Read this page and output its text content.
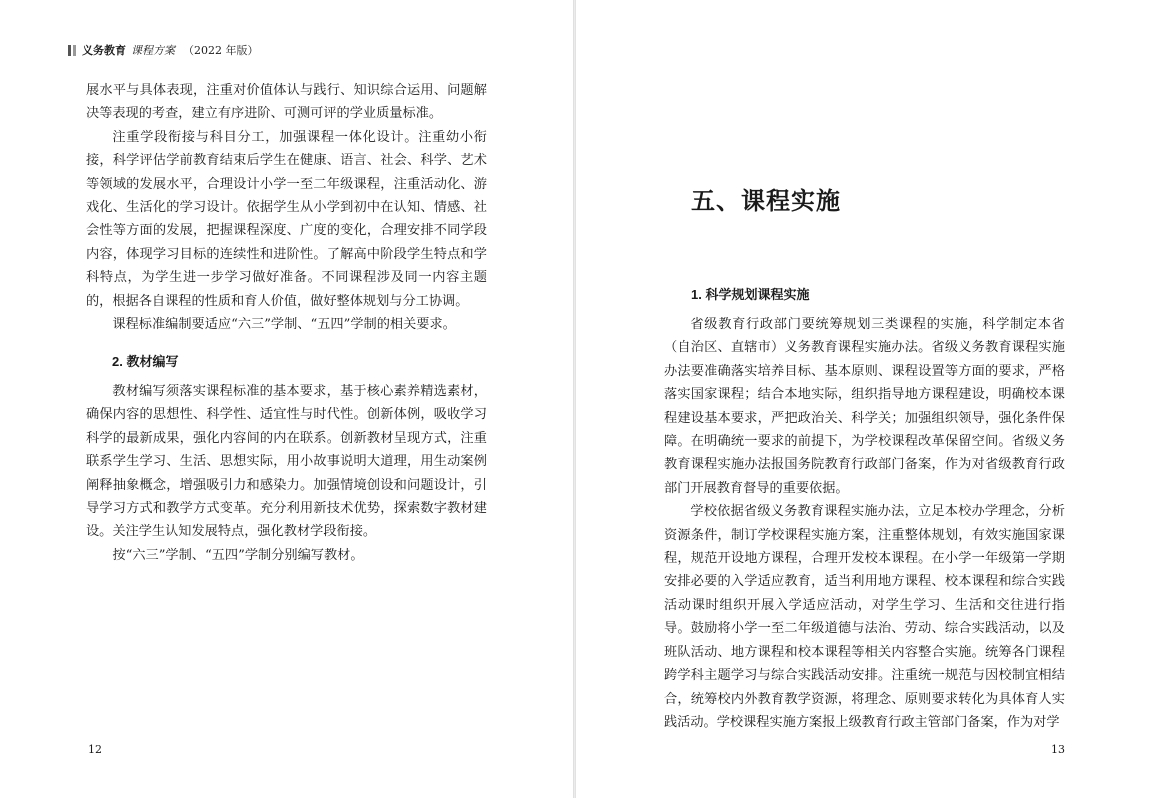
义务教育 课程方案 （2022 年版）

展水平与具体表现，注重对价值体认与践行、知识综合运用、问题解决等表现的考查，建立有序进阶、可测可评的学业质量标准。

注重学段衔接与科目分工，加强课程一体化设计。注重幼小衔接，科学评估学前教育结束后学生在健康、语言、社会、科学、艺术等领域的发展水平，合理设计小学一至二年级课程，注重活动化、游戏化、生活化的学习设计。依据学生从小学到初中在认知、情感、社会性等方面的发展，把握课程深度、广度的变化，合理安排不同学段内容，体现学习目标的连续性和进阶性。了解高中阶段学生特点和学科特点，为学生进一步学习做好准备。不同课程涉及同一内容主题的，根据各自课程的性质和育人价值，做好整体规划与分工协调。

课程标准编制要适应“六三”学制、“五四”学制的相关要求。

2. 教材编写

教材编写须落实课程标准的基本要求，基于核心素养精选素材，确保内容的思想性、科学性、适宜性与时代性。创新体例，吸收学习科学的最新成果，强化内容间的内在联系。创新教材呈现方式，注重联系学生学习、生活、思想实际，用小故事说明大道理，用生动案例阐释抽象概念，增强吸引力和感染力。加强情境创设和问题设计，引导学习方式和教学方式变革。充分利用新技术优势，探索数字教材建设。关注学生认知发展特点，强化教材学段衔接。

按“六三”学制、“五四”学制分别编写教材。

12
五、课程实施
1. 科学规划课程实施

省级教育行政部门要统筹规划三类课程的实施，科学制定本省（自治区、直辖市）义务教育课程实施办法。省级义务教育课程实施办法要准确落实培养目标、基本原则、课程设置等方面的要求，严格落实国家课程；结合本地实际，组织指导地方课程建设，明确校本课程建设基本要求，严把政治关、科学关；加强组织领导，强化条件保障。在明确统一要求的前提下，为学校课程改革保留空间。省级义务教育课程实施办法报国务院教育行政部门备案，作为对省级教育行政部门开展教育督导的重要依据。

学校依据省级义务教育课程实施办法，立足本校办学理念，分析资源条件，制订学校课程实施方案，注重整体规划，有效实施国家课程，规范开设地方课程，合理开发校本课程。在小学一年级第一学期安排必要的入学适应教育，适当利用地方课程、校本课程和综合实践活动课时组织开展入学适应活动，对学生学习、生活和交往进行指导。鼓励将小学一至二年级道德与法治、劳动、综合实践活动，以及班队活动、地方课程和校本课程等相关内容整合实施。统筹各门课程跨学科主题学习与综合实践活动安排。注重统一规范与因校制宜相结合，统筹校内外教育教学资源，将理念、原则要求转化为具体育人实践活动。学校课程实施方案报上级教育行政主管部门备案，作为对学

13
